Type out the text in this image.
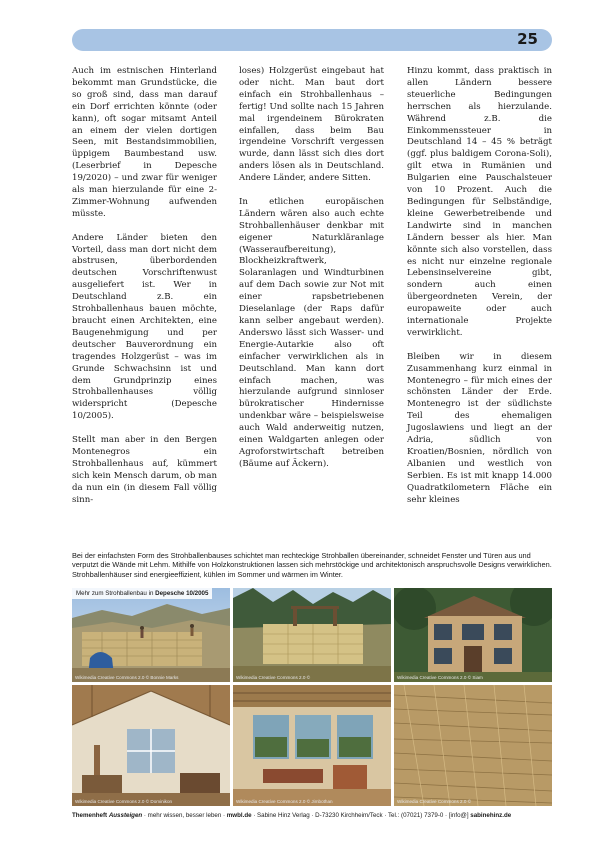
25

Auch im estnischen Hinterland bekommt man Grundstücke, die so groß sind, dass man darauf ein Dorf errichten könnte (oder kann), oft sogar mitsamt Anteil an einem der vielen dortigen Seen, mit Bestandsimmobilien, üppigem Baumbestand usw. (Leserbrief in Depesche 19/2020) – und zwar für weniger als man hierzulande für eine 2-Zimmer-Wohnung aufwenden müsste.

Andere Länder bieten den Vorteil, dass man dort nicht dem abstrusen, überbordenden deutschen Vorschriftenwust ausgeliefert ist. Wer in Deutschland z.B. ein Strohballenhaus bauen möchte, braucht einen Architekten, eine Baugenehmigung und per deutscher Bauverordnung ein tragendes Holzgerüst – was im Grunde Schwachsinn ist und dem Grundprinzip eines Strohballenhauses völlig widerspricht (Depesche 10/2005).

Stellt man aber in den Bergen Montenegros ein Strohballenhaus auf, kümmert sich kein Mensch darum, ob man da nun ein (in diesem Fall völlig sinn-

loses) Holzgerüst eingebaut hat oder nicht. Man baut dort einfach ein Strohballenhaus – fertig! Und sollte nach 15 Jahren mal irgendeinem Bürokraten einfallen, dass beim Bau irgendeine Vorschrift vergessen wurde, dann lässt sich dies dort anders lösen als in Deutschland. Andere Länder, andere Sitten.

In etlichen europäischen Ländern wären also auch echte Strohballenhäuser denkbar mit eigener Naturkläranlage (Wasseraufbereitung), Blockheizkraftwerk, Solaranlagen und Windturbinen auf dem Dach sowie zur Not mit einer rapsbetriebenen Dieselanlage (der Raps dafür kann selber angebaut werden). Anderswo lässt sich Wasser- und Energie-Autarkie also oft einfacher verwirklichen als in Deutschland. Man kann dort einfach machen, was hierzulande aufgrund sinnloser bürokratischer Hindernisse undenkbar wäre – beispielsweise auch Wald anderweitig nutzen, einen Waldgarten anlegen oder Agroforstwirtschaft betreiben (Bäume auf Äckern).

Hinzu kommt, dass praktisch in allen Ländern bessere steuerliche Bedingungen herrschen als hierzulande. Während z.B. die Einkommenssteuer in Deutschland 14 – 45 % beträgt (ggf. plus baldigem Corona-Soli), gilt etwa in Rumänien und Bulgarien eine Pauschalsteuer von 10 Prozent. Auch die Bedingungen für Selbständige, kleine Gewerbetreibende und Landwirte sind in manchen Ländern besser als hier. Man könnte sich also vorstellen, dass es nicht nur einzelne regionale Lebensinselvereine gibt, sondern auch einen übergeordneten Verein, der europaweite oder auch internationale Projekte verwirklicht.

Bleiben wir in diesem Zusammenhang kurz einmal in Montenegro – für mich eines der schönsten Länder der Erde. Montenegro ist der südlichste Teil des ehemaligen Jugoslawiens und liegt an der Adria, südlich von Kroatien/Bosnien, nördlich von Albanien und westlich von Serbien. Es ist mit knapp 14.000 Quadratkilometern Fläche ein sehr kleines

Bei der einfachsten Form des Strohballenbauses schichtet man rechteckige Strohballen übereinander, schneidet Fenster und Türen aus und verputzt die Wände mit Lehm. Mithilfe von Holzkonstruktionen lassen sich mehrstöckige und architektonisch anspruchsvolle Designs verwirklichen. Strohballenhäuser sind energieeffizient, kühlen im Sommer und wärmen im Winter.
Mehr zum Strohballenbau in Depesche 10/2005
Wikimedia Creative Commons 2.0 © Bonnie Marks	Wikimedia Creative Commons 2.0 ©	Wikimedia Creative Commons 2.0 © Siam
Wikimedia Creative Commons 2.0 © Dominikon	Wikimedia Creative Commons 2.0 © Jimbothan	Wikimedia Creative Commons 2.0 ©
Themenheft Aussteigen · mehr wissen, besser leben · mwbl.de · Sabine Hinz Verlag · D-73230 Kirchheim/Teck · Tel.: (07021) 7379-0 · [info@] sabinehinz.de
